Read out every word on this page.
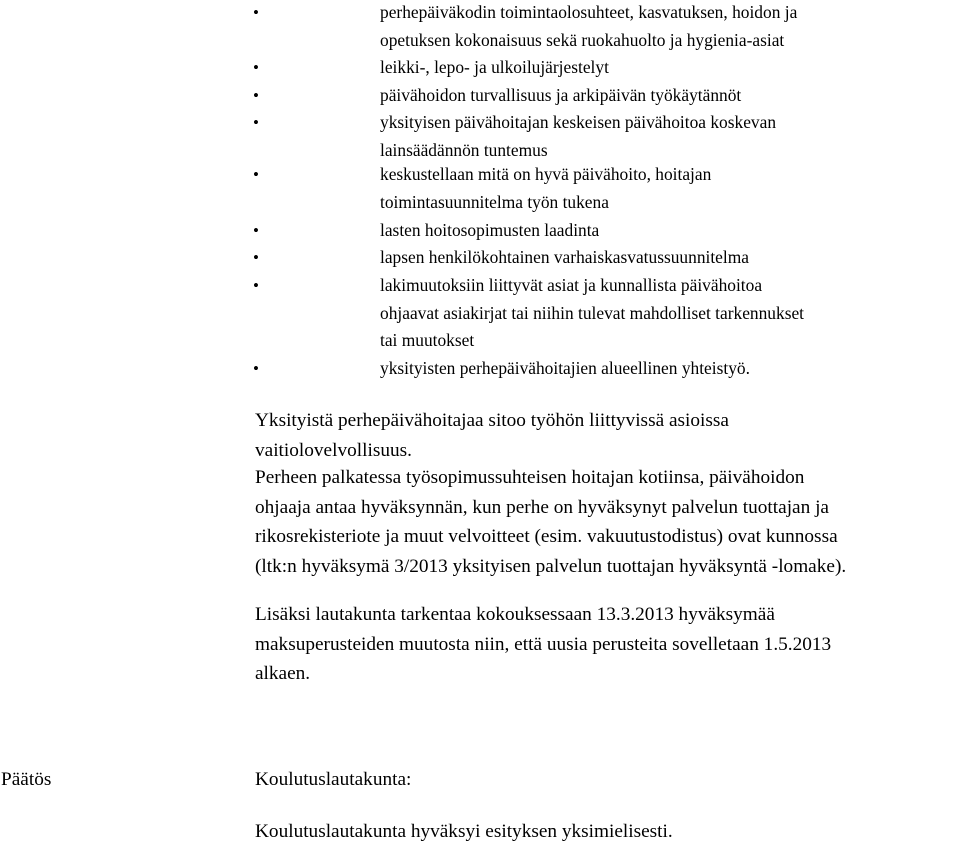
•	perhepäiväkodin toimintaolosuhteet, kasvatuksen, hoidon ja
opetuksen kokonaisuus sekä ruokahuolto ja hygienia-asiat
•	leikki-, lepo- ja ulkoilujärjestelyt
•	päivähoidon turvallisuus ja arkipäivän työkäytännöt
•	yksityisen päivähoitajan keskeisen päivähoitoa koskevan
lainsäädännön tuntemus
•	keskustellaan mitä on hyvä päivähoito, hoitajan
toimintasuunnitelma työn tukena
•	lasten hoitosopimusten laadinta
•	lapsen henkilökohtainen varhaiskasvatussuunnitelma
•	lakimuutoksiin liittyvät asiat ja kunnallista päivähoitoa
ohjaavat asiakirjat tai niihin tulevat mahdolliset tarkennukset
tai muutokset
•	yksityisten perhepäivähoitajien alueellinen yhteistyö.
Yksityistä perhepäivähoitajaa sitoo työhön liittyvissä asioissa
vaitiolovelvollisuus.
Perheen palkatessa työsopimussuhteisen hoitajan kotiinsa, päivähoidon
ohjaaja antaa hyväksynnän, kun perhe on hyväksynyt palvelun tuottajan ja
rikosrekisteriote ja muut velvoitteet (esim. vakuutustodistus) ovat kunnossa
(ltk:n hyväksymä 3/2013 yksityisen palvelun tuottajan hyväksyntä -lomake).
Lisäksi lautakunta tarkentaa kokouksessaan 13.3.2013 hyväksymää
maksuperusteiden muutosta niin, että uusia perusteita sovelletaan 1.5.2013
alkaen.
Päätös	Koulutuslautakunta:
Koulutuslautakunta hyväksyi esityksen yksimielisesti.
